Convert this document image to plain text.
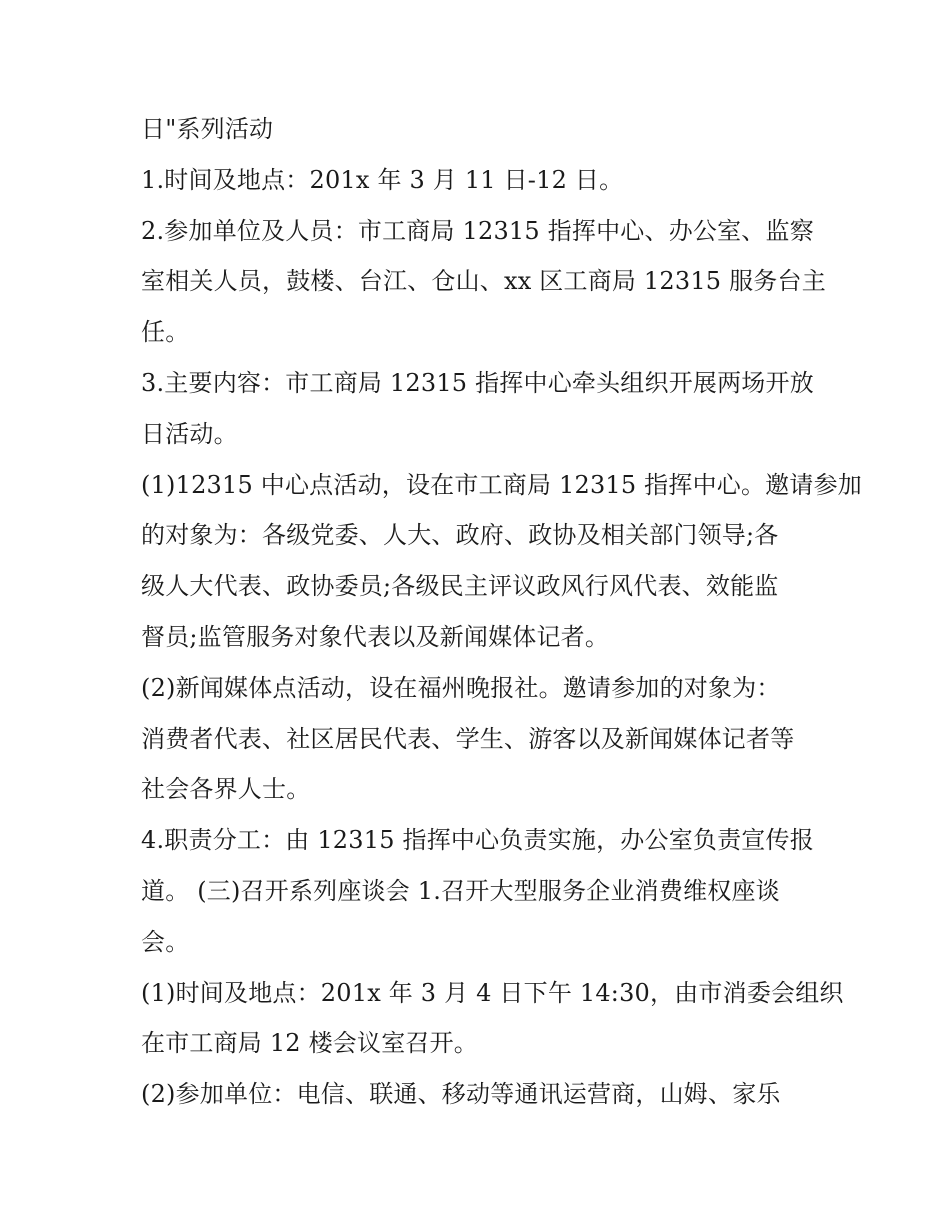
日"系列活动
1.时间及地点：201x 年 3 月 11 日-12 日。
2.参加单位及人员：市工商局 12315 指挥中心、办公室、监察
室相关人员，鼓楼、台江、仓山、xx 区工商局 12315 服务台主
任。
3.主要内容：市工商局 12315 指挥中心牵头组织开展两场开放
日活动。
(1)12315 中心点活动，设在市工商局 12315 指挥中心。邀请参加
的对象为：各级党委、人大、政府、政协及相关部门领导;各
级人大代表、政协委员;各级民主评议政风行风代表、效能监
督员;监管服务对象代表以及新闻媒体记者。
(2)新闻媒体点活动，设在福州晚报社。邀请参加的对象为：
消费者代表、社区居民代表、学生、游客以及新闻媒体记者等
社会各界人士。
4.职责分工：由 12315 指挥中心负责实施，办公室负责宣传报
道。 (三)召开系列座谈会 1.召开大型服务企业消费维权座谈
会。
(1)时间及地点：201x 年 3 月 4 日下午 14:30，由市消委会组织
在市工商局 12 楼会议室召开。
(2)参加单位：电信、联通、移动等通讯运营商，山姆、家乐
